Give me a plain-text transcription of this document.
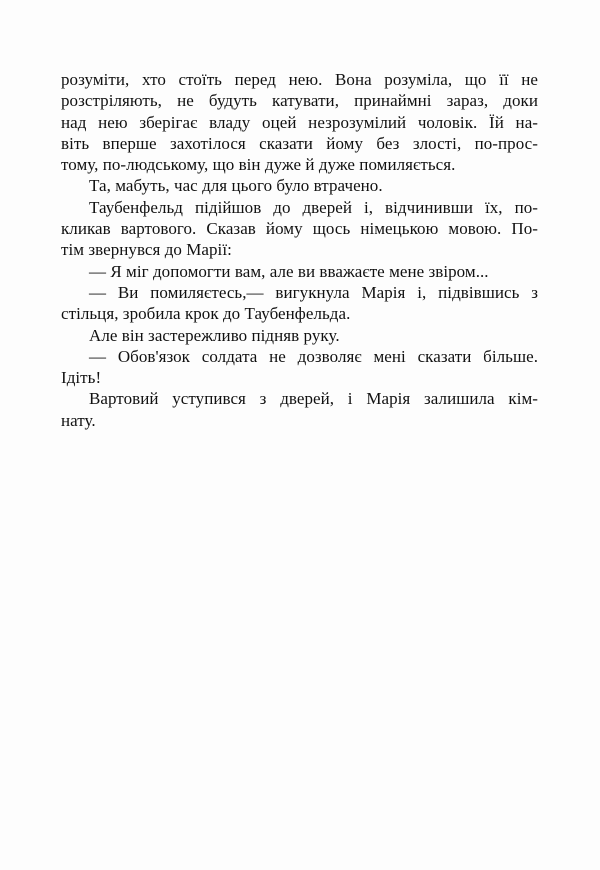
розуміти, хто стоїть перед нею. Вона розуміла, що її не
розстріляють, не будуть катувати, принаймні зараз, доки
над нею зберігає владу оцей незрозумілий чоловік. Їй на-
віть вперше захотілося сказати йому без злості, по-прос-
тому, по-людському, що він дуже й дуже помиляється.
Та, мабуть, час для цього було втрачено.
Таубенфельд підійшов до дверей і, відчинивши їх, по-
кликав вартового. Сказав йому щось німецькою мовою. По-
тім звернувся до Марії:
— Я міг допомогти вам, але ви вважаєте мене звіром...
— Ви помиляєтесь,— вигукнула Марія і, підвівшись з
стільця, зробила крок до Таубенфельда.
Але він застережливо підняв руку.
— Обов'язок солдата не дозволяє мені сказати більше.
Ідіть!
Вартовий уступився з дверей, і Марія залишила кім-
нату.
